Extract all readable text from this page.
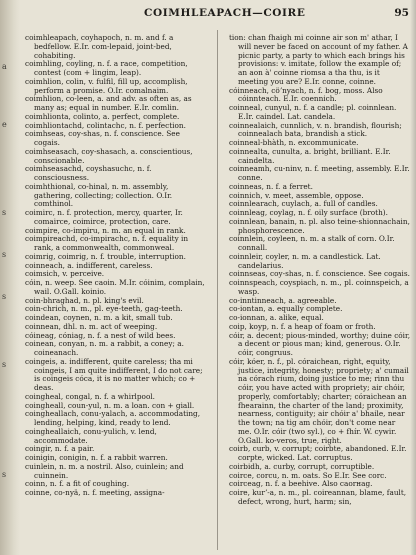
a
e
s
s
s
s
s
COIMHLEAPACH—COIRE	95

coimhleapach, coyhapoch, n. m. and f. a bedfellow. E.Ir. com-lepaid, joint-bed, cohabiting.

coimhling, coyling, n. f. a race, competition, contest (com + lingim, leap).

coimhlion, colin, v. fulfil, fill up, accomplish, perform a promise. O.Ir. comalnaim.

coimhlion, co-leen, a. and adv. as often as, as many as; equal in number. E.Ir. comlin.

coimhlionta, colinto, a. perfect, complete.

coimhliontachd, colintachc, n. f. perfection.

coimhseas, coy-shas, n. f. conscience. See cogais.

coimhseasach, coy-shasach, a. conscientious, conscionable.

coimhseasachd, coyshasuchc, n. f. consciousness.

coimhthional, co-hinal, n. m. assembly, gathering, collecting; collection. O.Ir. comthinol.

coimirc, n. f. protection, mercy, quarter, Ir. comairce, coimirce, protection, care.

coimpire, co-impiru, n. m. an equal in rank.

coimpireachd, co-impirachc, n. f. equality in rank, a commonwealth, commonweal.

coimrig, coimrig, n. f. trouble, interruption.

coinneach, a. indifferent, careless.

coimsich, v. perceive.

cóin, n. weep. See caoin. M.Ir. cóinim, complain, wail. O.Gall. koinio.

coin-bhraghad, n. pl. king's evil.

coin-chrich, n. m., pl. eye-teeth, gag-teeth.

coindean, coynen, n. m. a kit, small tub.

coinnean, dhl. n. m. act of weeping.

cóineag, cóniag, n. f. a nest of wild bees.

coinean, conyan, n. m. a rabbit, a coney; a. coineanach.

coingeis, a. indifferent, quite careless; tha mi coingeis, I am quite indifferent, I do not care; is coingeis cóca, it is no matter which; co + deas.

coingheal, congal, n. f. a whirlpool.

coingheall, coun-yul, n. m. a loan. con + giall.

coingheallach, conu-yalach, a. accommodating, lending, helping, kind, ready to lend.

coingheallaich, conu-yulich, v. lend, accommodate.

coingir, n. f. a pair.

coinigin, conigin, n. f. a rabbit warren.

cuinlein, n. m. a nostril. Also, cuinlein; and cuinnein.

coinn, n. f. a fit of coughing.

coinne, co-nyä, n. f. meeting, assigna-

tion: chan fhaigh mi coinne air son m' athar, I will never be faced on account of my father. A picnic party, a party to which each brings his provisions: v. imitate, follow the example of; an aon à' coinne riomsa a tha thu, is it meeting you are? E.Ir. conne, coinne.

cóinneach, cöʼnyach, n. f. bog, moss. Also cóinnteach. E.Ir. coennich.

coinneal, cunyul, n. f. a candle; pl. coinnlean. E.Ir. caindel. Lat. candela.

coinnealaich, cunnlich, v. n. brandish, flourish; coinnealach bata, brandish a stick.

coinneal-bhàth, n. excommunicate.

coinnealta, cunulta, a. bright, brilliant. E.Ir. caindelta.

coinneamh, cu-ninv, n. f. meeting, assembly. E.Ir. conne.

coinneas, n. f. a ferret.

coinnich, v. meet, assemble, oppose.

coinnlearach, cuylach, a. full of candles.

coinnleag, coylag, n. f. oily surface (broth).

coinnlean, banain, n. pl. also teine-shionnachain, phosphorescence.

coinnlein, coyleen, n. m. a stalk of corn. O.Ir. connall.

coinnleir, coyler, n. m. a candlestick. Lat. candelarius.

coinnseas, coy-shas, n. f. conscience. See cogais.

coinnspeach, coyspiach, n. m., pl. coinnspeich, a wasp.

co-inntinneach, a. agreeable.

co-iontan, a. equally complete.

co-ionnan, a. alike, equal.

coip, koyp, n. f. a heap of foam or froth.

cóir, a. decent; pious-minded, worthy; duine cóir, a decent or pious man; kind, generous. O.Ir. cóir, congruus.

cóir, kóer, n. f., pl. córaichean, right, equity, justice, integrity, honesty; propriety; a' cumail na córach rium, doing justice to me; rinn thu cóir, you have acted with propriety; air chóir, properly, comfortably; charter; córaichean an fhearainn, the charter of the land; proximity, nearness, contiguity; air chóir a' bhaile, near the town; na tig am chóir, don't come near me. O.Ir. cóir (two syl.), co + fhír. W. cywir. O.Gall. ko-veros, true, right.

coirb, curb, v. corrupt; coirbte, abandoned. E.Ir. corpte, wicked. Lat. corruptus.

coirbidh, a. curby, corrupt, corruptible.

coirce, corcu, n. m. oats. So E.Ir. See corc.

coirceag, n. f. a beehive. Also caorнag.

coire, kurʼ-a, n. m., pl. coireannan, blame, fault, defect, wrong, hurt, harm; sin,
